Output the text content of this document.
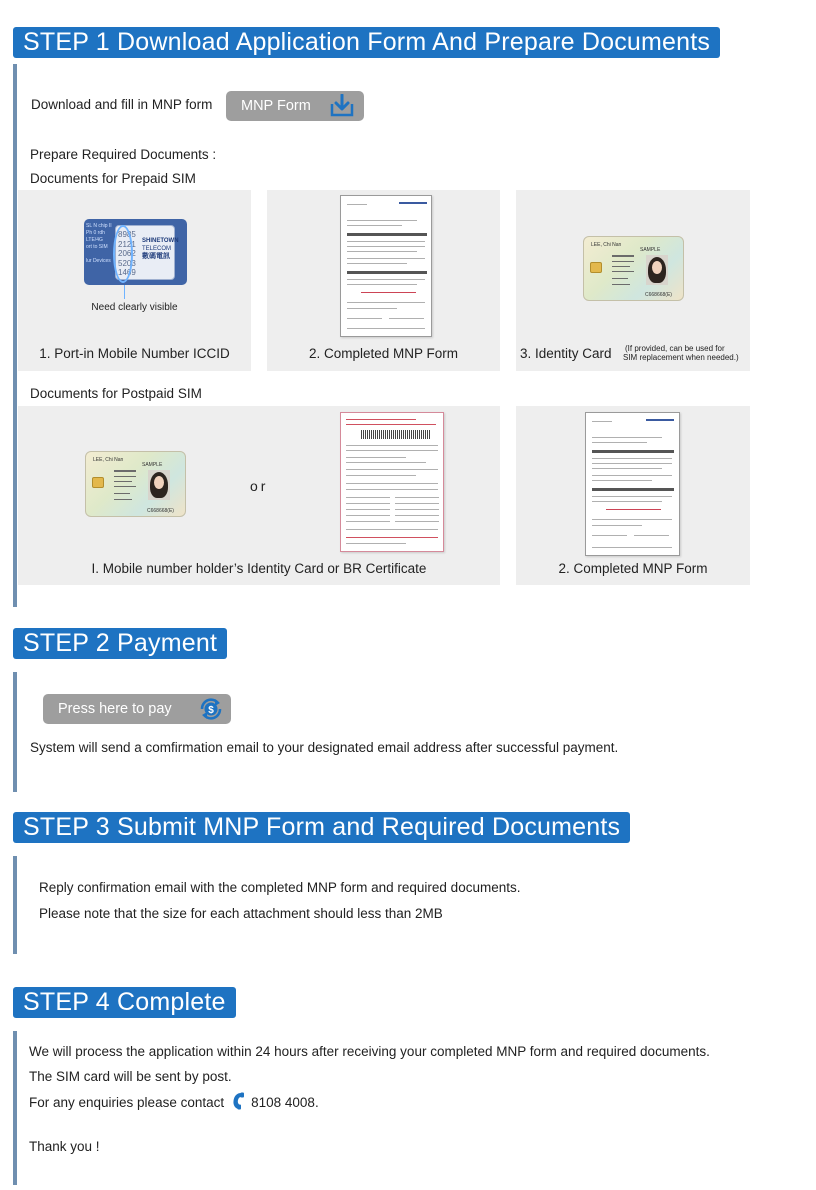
STEP 1 Download Application Form And Prepare Documents
Download and fill in MNP form MNP Form
Prepare Required Documents :
Documents for Prepaid SIM
SL N chip II
Ph 0 rdh
LTE/4G
ort to SIM

lur Devices
8985
2121
2062
5203
1469
SHINETOWN
TELECOM
數碼電訊
Need clearly visible
1. Port-in Mobile Number ICCID	2. Completed MNP Form
LEE, Chi Nan
SAMPLE
C668668(E)
3. Identity Card (If provided, can be used for
SIM replacement when needed.)
Documents for Postpaid SIM
LEE, Chi Nan
SAMPLE
C668668(E)
or
I. Mobile number holder’s Identity Card or BR Certificate	2. Completed MNP Form
STEP 2 Payment
Press here to pay	$
System will send a comfirmation email to your designated email address after successful payment.
STEP 3 Submit MNP Form and Required Documents
Reply confirmation email with the completed MNP form and required documents.
Please note that the size for each attachment should less than 2MB
STEP 4 Complete
We will process the application within 24 hours after receiving your completed MNP form and required documents.
The SIM card will be sent by post.
For any enquiries please contact 8108 4008.
Thank you !
